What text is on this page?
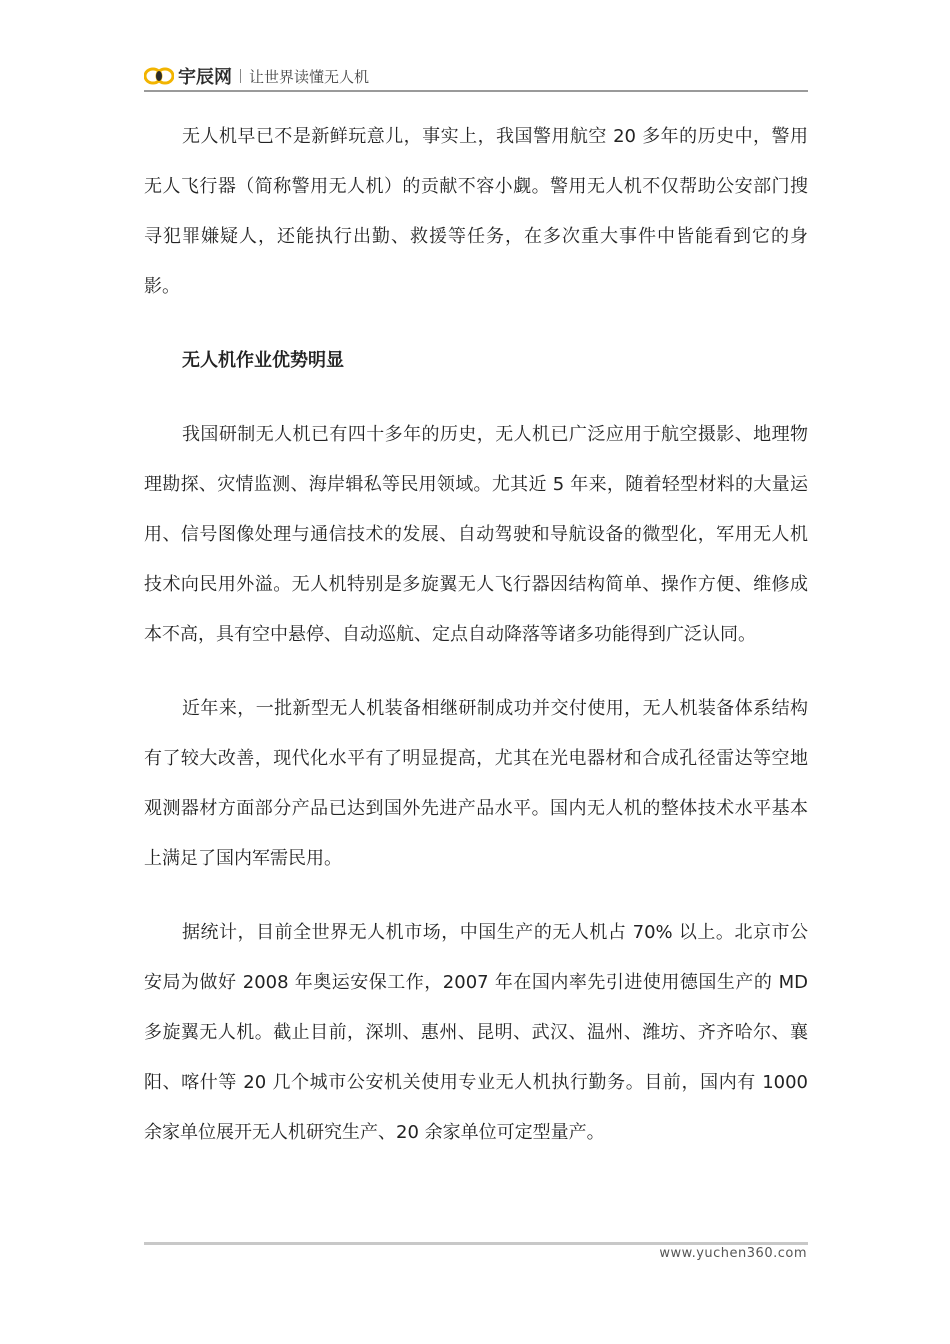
宇辰网 让世界读懂无人机

无人机早已不是新鲜玩意儿，事实上，我国警用航空 20 多年的历史中，警用无人飞行器（简称警用无人机）的贡献不容小觑。警用无人机不仅帮助公安部门搜寻犯罪嫌疑人，还能执行出勤、救援等任务，在多次重大事件中皆能看到它的身影。

无人机作业优势明显

我国研制无人机已有四十多年的历史，无人机已广泛应用于航空摄影、地理物理勘探、灾情监测、海岸辑私等民用领域。尤其近 5 年来，随着轻型材料的大量运用、信号图像处理与通信技术的发展、自动驾驶和导航设备的微型化，军用无人机技术向民用外溢。无人机特别是多旋翼无人飞行器因结构简单、操作方便、维修成本不高，具有空中悬停、自动巡航、定点自动降落等诸多功能得到广泛认同。

近年来，一批新型无人机装备相继研制成功并交付使用，无人机装备体系结构有了较大改善，现代化水平有了明显提高，尤其在光电器材和合成孔径雷达等空地观测器材方面部分产品已达到国外先进产品水平。国内无人机的整体技术水平基本上满足了国内军需民用。

据统计，目前全世界无人机市场，中国生产的无人机占 70% 以上。北京市公安局为做好 2008 年奥运安保工作，2007 年在国内率先引进使用德国生产的 MD 多旋翼无人机。截止目前，深圳、惠州、昆明、武汉、温州、潍坊、齐齐哈尔、襄阳、喀什等 20 几个城市公安机关使用专业无人机执行勤务。目前，国内有 1000 余家单位展开无人机研究生产、20 余家单位可定型量产。

www.yuchen360.com
